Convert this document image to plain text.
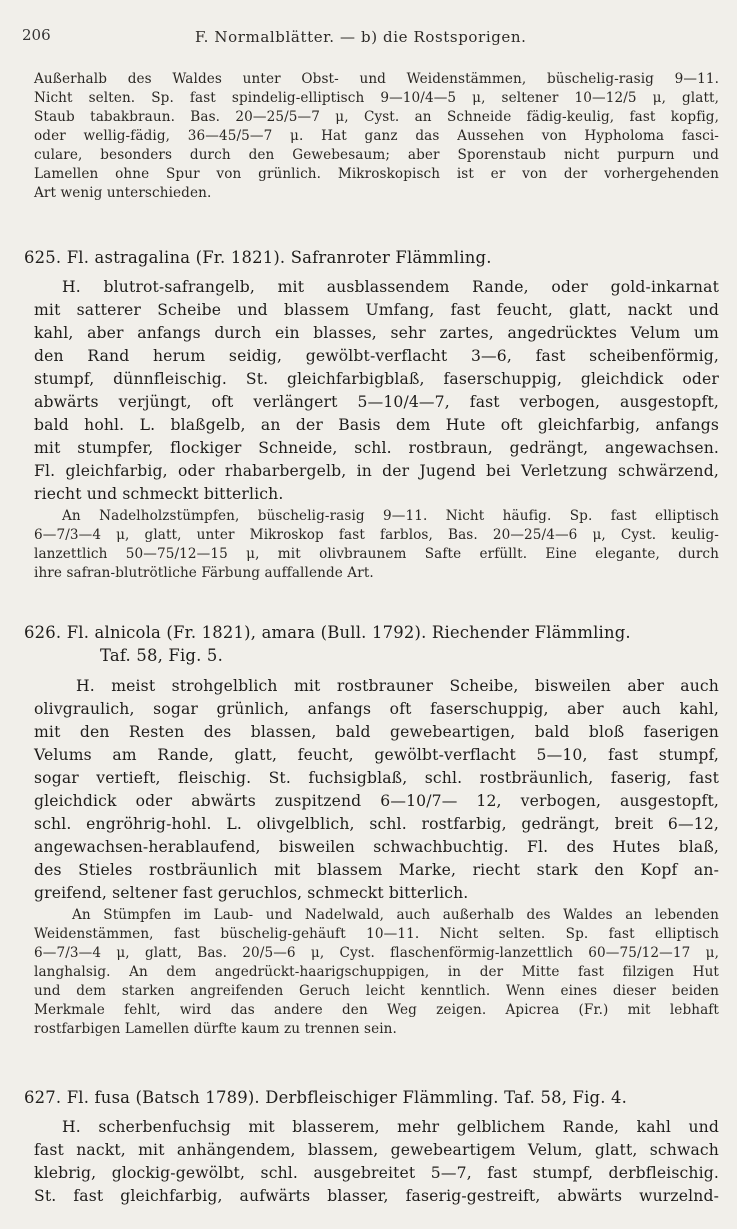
206	F. Normalblätter. — b) die Rostsporigen.
Außerhalb des Waldes unter Obst- und Weidenstämmen, büschelig-rasig 9—11.
Nicht selten. Sp. fast spindelig-elliptisch 9—10/4—5 μ, seltener 10—12/5 μ, glatt,
Staub tabakbraun. Bas. 20—25/5—7 μ, Cyst. an Schneide fädig-keulig, fast kopfig,
oder wellig-fädig, 36—45/5—7 μ. Hat ganz das Aussehen von Hypholoma fasci-
culare, besonders durch den Gewebesaum; aber Sporenstaub nicht purpurn und
Lamellen ohne Spur von grünlich. Mikroskopisch ist er von der vorhergehenden
Art wenig unterschieden.
625. Fl. astragalina (Fr. 1821). Safranroter Flämmling.
H. blutrot-safrangelb, mit ausblassendem Rande, oder gold-inkarnat
mit satterer Scheibe und blassem Umfang, fast feucht, glatt, nackt und
kahl, aber anfangs durch ein blasses, sehr zartes, angedrücktes Velum um
den Rand herum seidig, gewölbt-verflacht 3—6, fast scheibenförmig,
stumpf, dünnfleischig. St. gleichfarbigblaß, faserschuppig, gleichdick oder
abwärts verjüngt, oft verlängert 5—10/4—7, fast verbogen, ausgestopft,
bald hohl. L. blaßgelb, an der Basis dem Hute oft gleichfarbig, anfangs
mit stumpfer, flockiger Schneide, schl. rostbraun, gedrängt, angewachsen.
Fl. gleichfarbig, oder rhabarbergelb, in der Jugend bei Verletzung schwärzend,
riecht und schmeckt bitterlich.
An Nadelholzstümpfen, büschelig-rasig 9—11. Nicht häufig. Sp. fast elliptisch
6—7/3—4 μ, glatt, unter Mikroskop fast farblos, Bas. 20—25/4—6 μ, Cyst. keulig-
lanzettlich 50—75/12—15 μ, mit olivbraunem Safte erfüllt. Eine elegante, durch
ihre safran-blutrötliche Färbung auffallende Art.
626. Fl. alnicola (Fr. 1821), amara (Bull. 1792). Riechender Flämmling.
Taf. 58, Fig. 5.
H. meist strohgelblich mit rostbrauner Scheibe, bisweilen aber auch
olivgraulich, sogar grünlich, anfangs oft faserschuppig, aber auch kahl,
mit den Resten des blassen, bald gewebeartigen, bald bloß faserigen
Velums am Rande, glatt, feucht, gewölbt-verflacht 5—10, fast stumpf,
sogar vertieft, fleischig. St. fuchsigblaß, schl. rostbräunlich, faserig, fast
gleichdick oder abwärts zuspitzend 6—10/7— 12, verbogen, ausgestopft,
schl. engröhrig-hohl. L. olivgelblich, schl. rostfarbig, gedrängt, breit 6—12,
angewachsen-herablaufend, bisweilen schwachbuchtig. Fl. des Hutes blaß,
des Stieles rostbräunlich mit blassem Marke, riecht stark den Kopf an-
greifend, seltener fast geruchlos, schmeckt bitterlich.
An Stümpfen im Laub- und Nadelwald, auch außerhalb des Waldes an lebenden
Weidenstämmen, fast büschelig-gehäuft 10—11. Nicht selten. Sp. fast elliptisch
6—7/3—4 μ, glatt, Bas. 20/5—6 μ, Cyst. flaschenförmig-lanzettlich 60—75/12—17 μ,
langhalsig. An dem angedrückt-haarigschuppigen, in der Mitte fast filzigen Hut
und dem starken angreifenden Geruch leicht kenntlich. Wenn eines dieser beiden
Merkmale fehlt, wird das andere den Weg zeigen. Apicrea (Fr.) mit lebhaft
rostfarbigen Lamellen dürfte kaum zu trennen sein.
627. Fl. fusa (Batsch 1789). Derbfleischiger Flämmling. Taf. 58, Fig. 4.
H. scherbenfuchsig mit blasserem, mehr gelblichem Rande, kahl und
fast nackt, mit anhängendem, blassem, gewebeartigem Velum, glatt, schwach
klebrig, glockig-gewölbt, schl. ausgebreitet 5—7, fast stumpf, derbfleischig.
St. fast gleichfarbig, aufwärts blasser, faserig-gestreift, abwärts wurzelnd-
